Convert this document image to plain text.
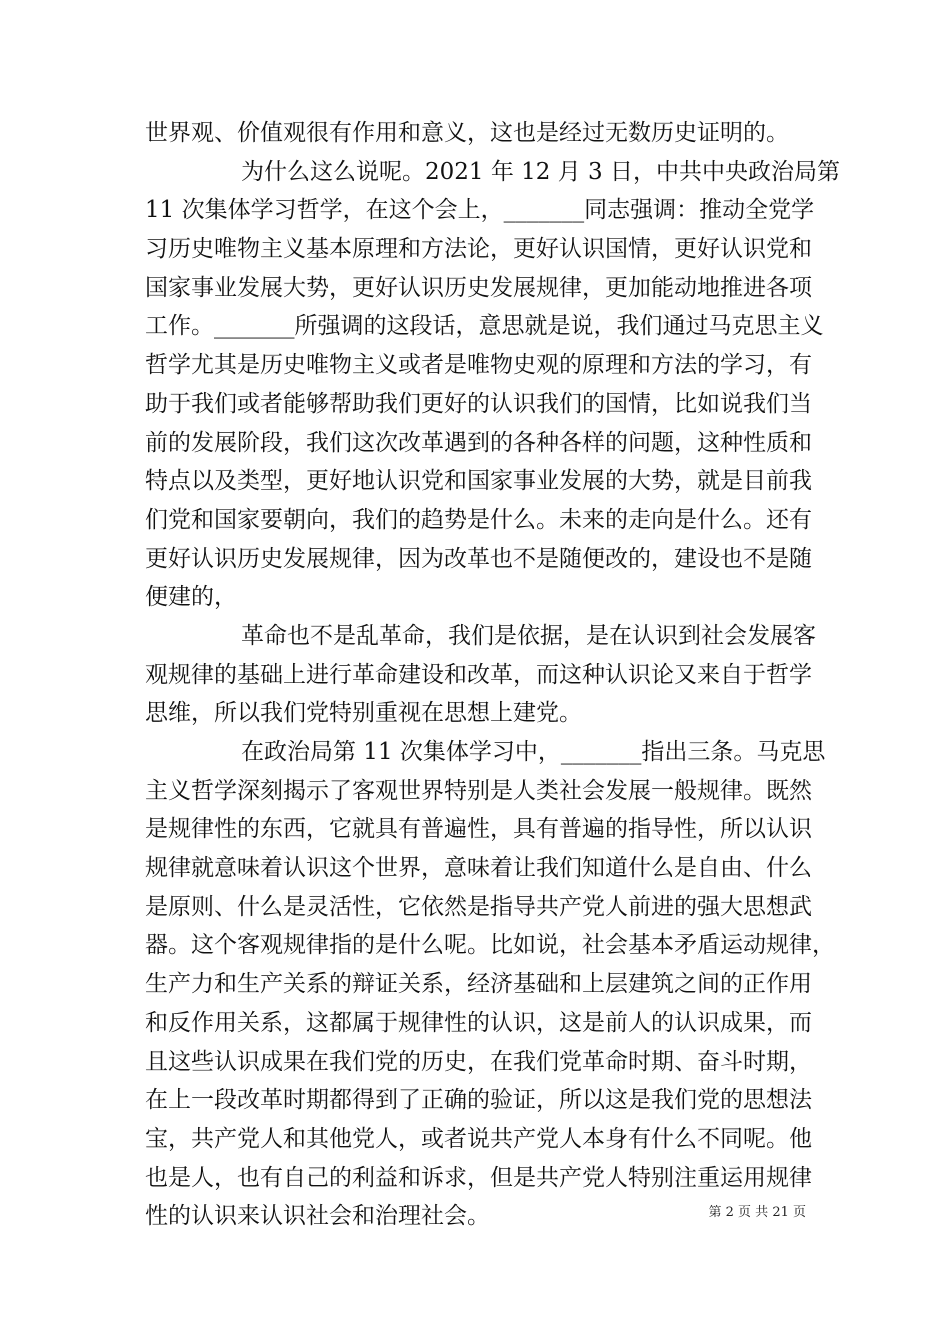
世界观、价值观很有作用和意义，这也是经过无数历史证明的。
为什么这么说呢。2021 年 12 月 3 日，中共中央政治局第
11 次集体学习哲学，在这个会上，_______同志强调：推动全党学
习历史唯物主义基本原理和方法论，更好认识国情，更好认识党和
国家事业发展大势，更好认识历史发展规律，更加能动地推进各项
工作。_______所强调的这段话，意思就是说，我们通过马克思主义
哲学尤其是历史唯物主义或者是唯物史观的原理和方法的学习，有
助于我们或者能够帮助我们更好的认识我们的国情，比如说我们当
前的发展阶段，我们这次改革遇到的各种各样的问题，这种性质和
特点以及类型，更好地认识党和国家事业发展的大势，就是目前我
们党和国家要朝向，我们的趋势是什么。未来的走向是什么。还有
更好认识历史发展规律，因为改革也不是随便改的，建设也不是随
便建的，
革命也不是乱革命，我们是依据，是在认识到社会发展客
观规律的基础上进行革命建设和改革，而这种认识论又来自于哲学
思维，所以我们党特别重视在思想上建党。
在政治局第 11 次集体学习中，_______指出三条。马克思
主义哲学深刻揭示了客观世界特别是人类社会发展一般规律。既然
是规律性的东西，它就具有普遍性，具有普遍的指导性，所以认识
规律就意味着认识这个世界，意味着让我们知道什么是自由、什么
是原则、什么是灵活性，它依然是指导共产党人前进的强大思想武
器。这个客观规律指的是什么呢。比如说，社会基本矛盾运动规律，
生产力和生产关系的辩证关系，经济基础和上层建筑之间的正作用
和反作用关系，这都属于规律性的认识，这是前人的认识成果，而
且这些认识成果在我们党的历史，在我们党革命时期、奋斗时期，
在上一段改革时期都得到了正确的验证，所以这是我们党的思想法
宝，共产党人和其他党人，或者说共产党人本身有什么不同呢。他
也是人，也有自己的利益和诉求，但是共产党人特别注重运用规律
性的认识来认识社会和治理社会。	第 2 页 共 21 页
